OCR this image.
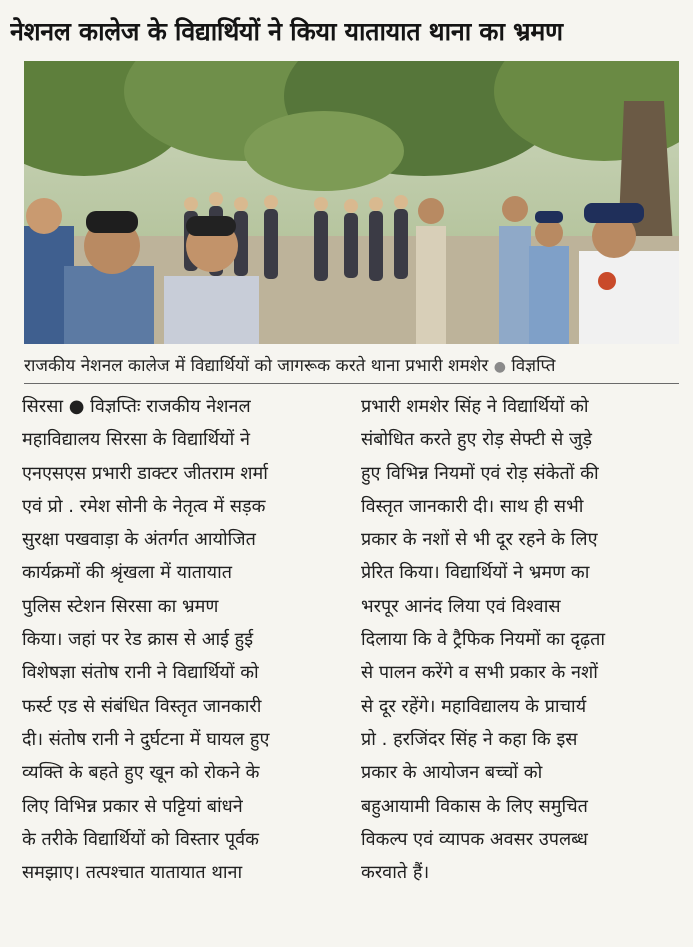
नेशनल कालेज के विद्यार्थियों ने किया यातायात थाना का भ्रमण
राजकीय नेशनल कालेज में विद्यार्थियों को जागरूक करते थाना प्रभारी शमशेर ● विज्ञप्ति
सिरसा ● विज्ञप्तिः राजकीय नेशनल
महाविद्यालय सिरसा के विद्यार्थियों ने
एनएसएस प्रभारी डाक्टर जीतराम शर्मा
एवं प्रो . रमेश सोनी के नेतृत्व में सड़क
सुरक्षा पखवाड़ा के अंतर्गत आयोजित
कार्यक्रमों की श्रृंखला में यातायात
पुलिस स्टेशन सिरसा का भ्रमण
किया। जहां पर रेड क्रास से आई हुई
विशेषज्ञा संतोष रानी ने विद्यार्थियों को
फर्स्ट एड से संबंधित विस्तृत जानकारी
दी। संतोष रानी ने दुर्घटना में घायल हुए
व्यक्ति के बहते हुए खून को रोकने के
लिए विभिन्न प्रकार से पट्टियां बांधने
के तरीके विद्यार्थियों को विस्तार पूर्वक
समझाए। तत्पश्चात यातायात थाना
प्रभारी शमशेर सिंह ने विद्यार्थियों को
संबोधित करते हुए रोड़ सेफ्टी से जुड़े
हुए विभिन्न नियमों एवं रोड़ संकेतों की
विस्तृत जानकारी दी। साथ ही सभी
प्रकार के नशों से भी दूर रहने के लिए
प्रेरित किया। विद्यार्थियों ने भ्रमण का
भरपूर आनंद लिया एवं विश्वास
दिलाया कि वे ट्रैफिक नियमों का दृढ़ता
से पालन करेंगे व सभी प्रकार के नशों
से दूर रहेंगे। महाविद्यालय के प्राचार्य
प्रो . हरजिंदर सिंह ने कहा कि इस
प्रकार के आयोजन बच्चों को
बहुआयामी विकास के लिए समुचित
विकल्प एवं व्यापक अवसर उपलब्ध
करवाते हैं।
